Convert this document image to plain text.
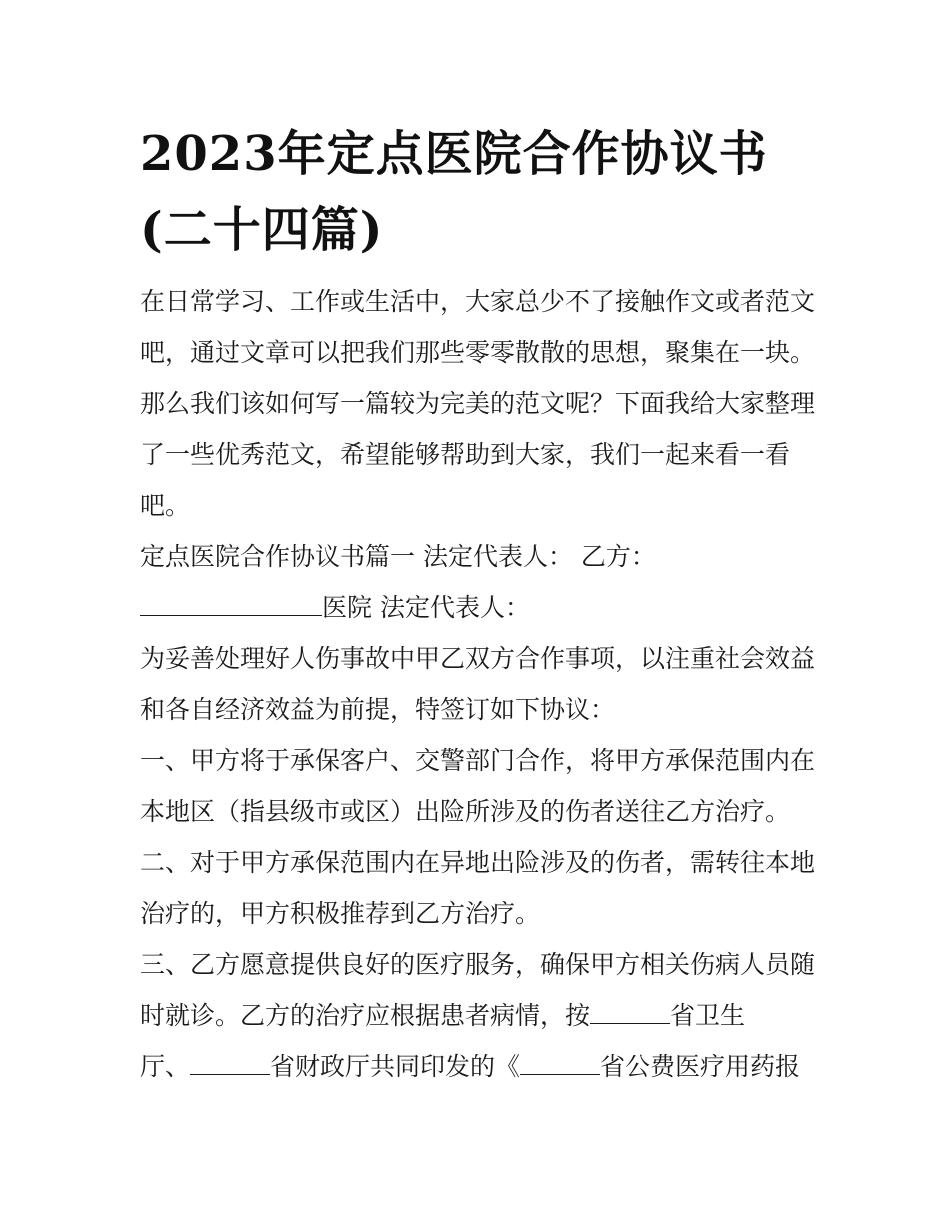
2023年定点医院合作协议书
(二十四篇)
在日常学习、工作或生活中，大家总少不了接触作文或者范文
吧，通过文章可以把我们那些零零散散的思想，聚集在一块。
那么我们该如何写一篇较为完美的范文呢？下面我给大家整理
了一些优秀范文，希望能够帮助到大家，我们一起来看一看
吧。
定点医院合作协议书篇一 法定代表人： 乙方：
医院 法定代表人：
为妥善处理好人伤事故中甲乙双方合作事项，以注重社会效益
和各自经济效益为前提，特签订如下协议：
一、甲方将于承保客户、交警部门合作，将甲方承保范围内在
本地区（指县级市或区）出险所涉及的伤者送往乙方治疗。
二、对于甲方承保范围内在异地出险涉及的伤者，需转往本地
治疗的，甲方积极推荐到乙方治疗。
三、乙方愿意提供良好的医疗服务，确保甲方相关伤病人员随
时就诊。乙方的治疗应根据患者病情，按	省卫生
厅、	省财政厅共同印发的《	省公费医疗用药报
